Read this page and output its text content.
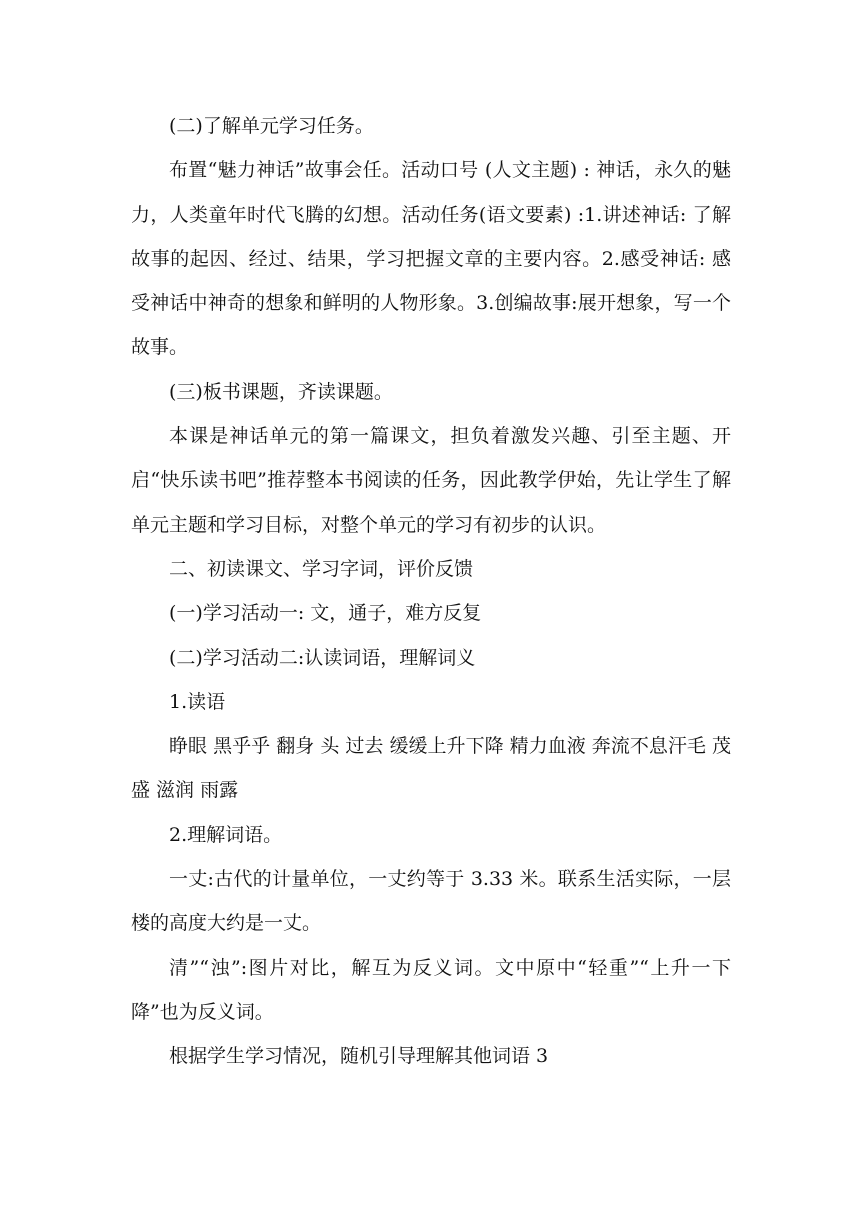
(二)了解单元学习任务。

布置“魅力神话”故事会任。活动口号 (人文主题) : 神话，永久的魅力，人类童年时代飞腾的幻想。活动任务(语文要素) :1.讲述神话: 了解故事的起因、经过、结果，学习把握文章的主要内容。2.感受神话: 感受神话中神奇的想象和鲜明的人物形象。3.创编故事:展开想象，写一个故事。

(三)板书课题，齐读课题。

本课是神话单元的第一篇课文，担负着激发兴趣、引至主题、开启“快乐读书吧”推荐整本书阅读的任务，因此教学伊始，先让学生了解单元主题和学习目标，对整个单元的学习有初步的认识。

二、初读课文、学习字词，评价反馈

(一)学习活动一: 文，通子，难方反复

(二)学习活动二:认读词语，理解词义

1.读语

睁眼 黑乎乎 翻身 头 过去 缓缓上升下降 精力血液 奔流不息汗毛 茂盛 滋润 雨露

2.理解词语。

一丈:古代的计量单位，一丈约等于 3.33 米。联系生活实际，一层楼的高度大约是一丈。

清”“浊”:图片对比，解互为反义词。文中原中“轻重”“上升一下降”也为反义词。

根据学生学习情况，随机引导理解其他词语 3
